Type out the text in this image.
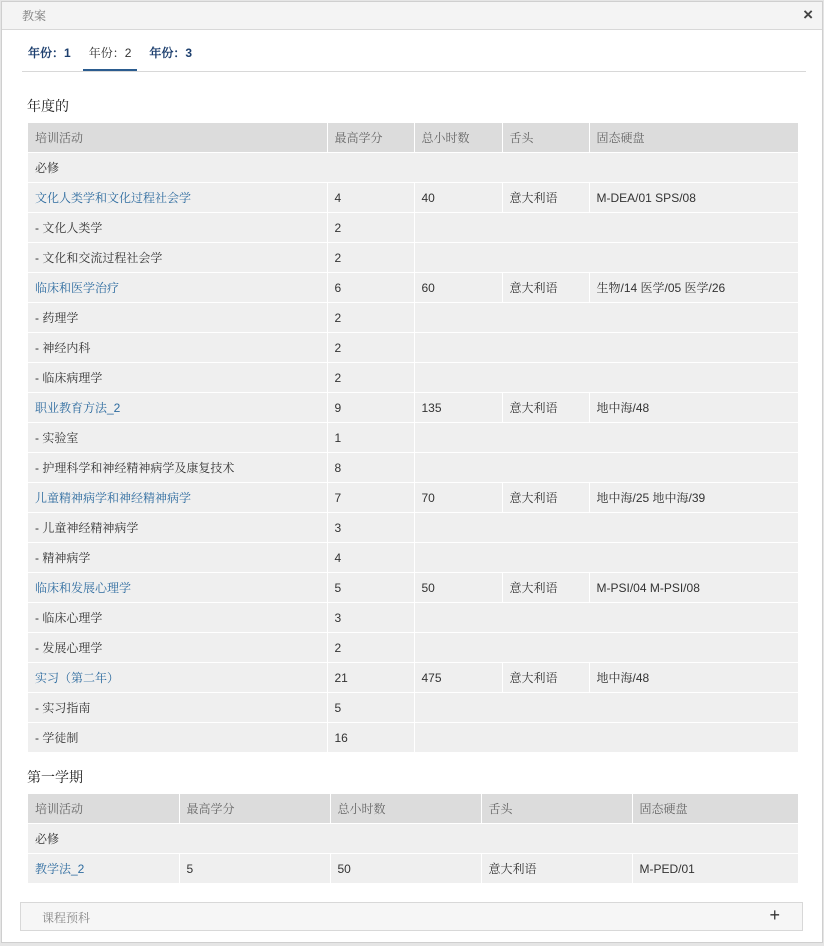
教案	×
年份：1	年份：2	年份：3
年度的
培训活动	最高学分	总小时数	舌头	固态硬盘
必修				
文化人类学和文化过程社会学	4	40	意大利语	M-DEA/01 SPS/08
- 文化人类学	2			
- 文化和交流过程社会学	2			
临床和医学治疗	6	60	意大利语	生物/14 医学/05 医学/26
- 药理学	2			
- 神经内科	2			
- 临床病理学	2			
职业教育方法_2	9	135	意大利语	地中海/48
- 实验室	1			
- 护理科学和神经精神病学及康复技术	8			
儿童精神病学和神经精神病学	7	70	意大利语	地中海/25 地中海/39
- 儿童神经精神病学	3			
- 精神病学	4			
临床和发展心理学	5	50	意大利语	M-PSI/04 M-PSI/08
- 临床心理学	3			
- 发展心理学	2			
实习（第二年）	21	475	意大利语	地中海/48
- 实习指南	5			
- 学徒制	16			
第一学期
培训活动	最高学分	总小时数	舌头	固态硬盘
必修				
教学法_2	5	50	意大利语	M-PED/01
课程预科	+
